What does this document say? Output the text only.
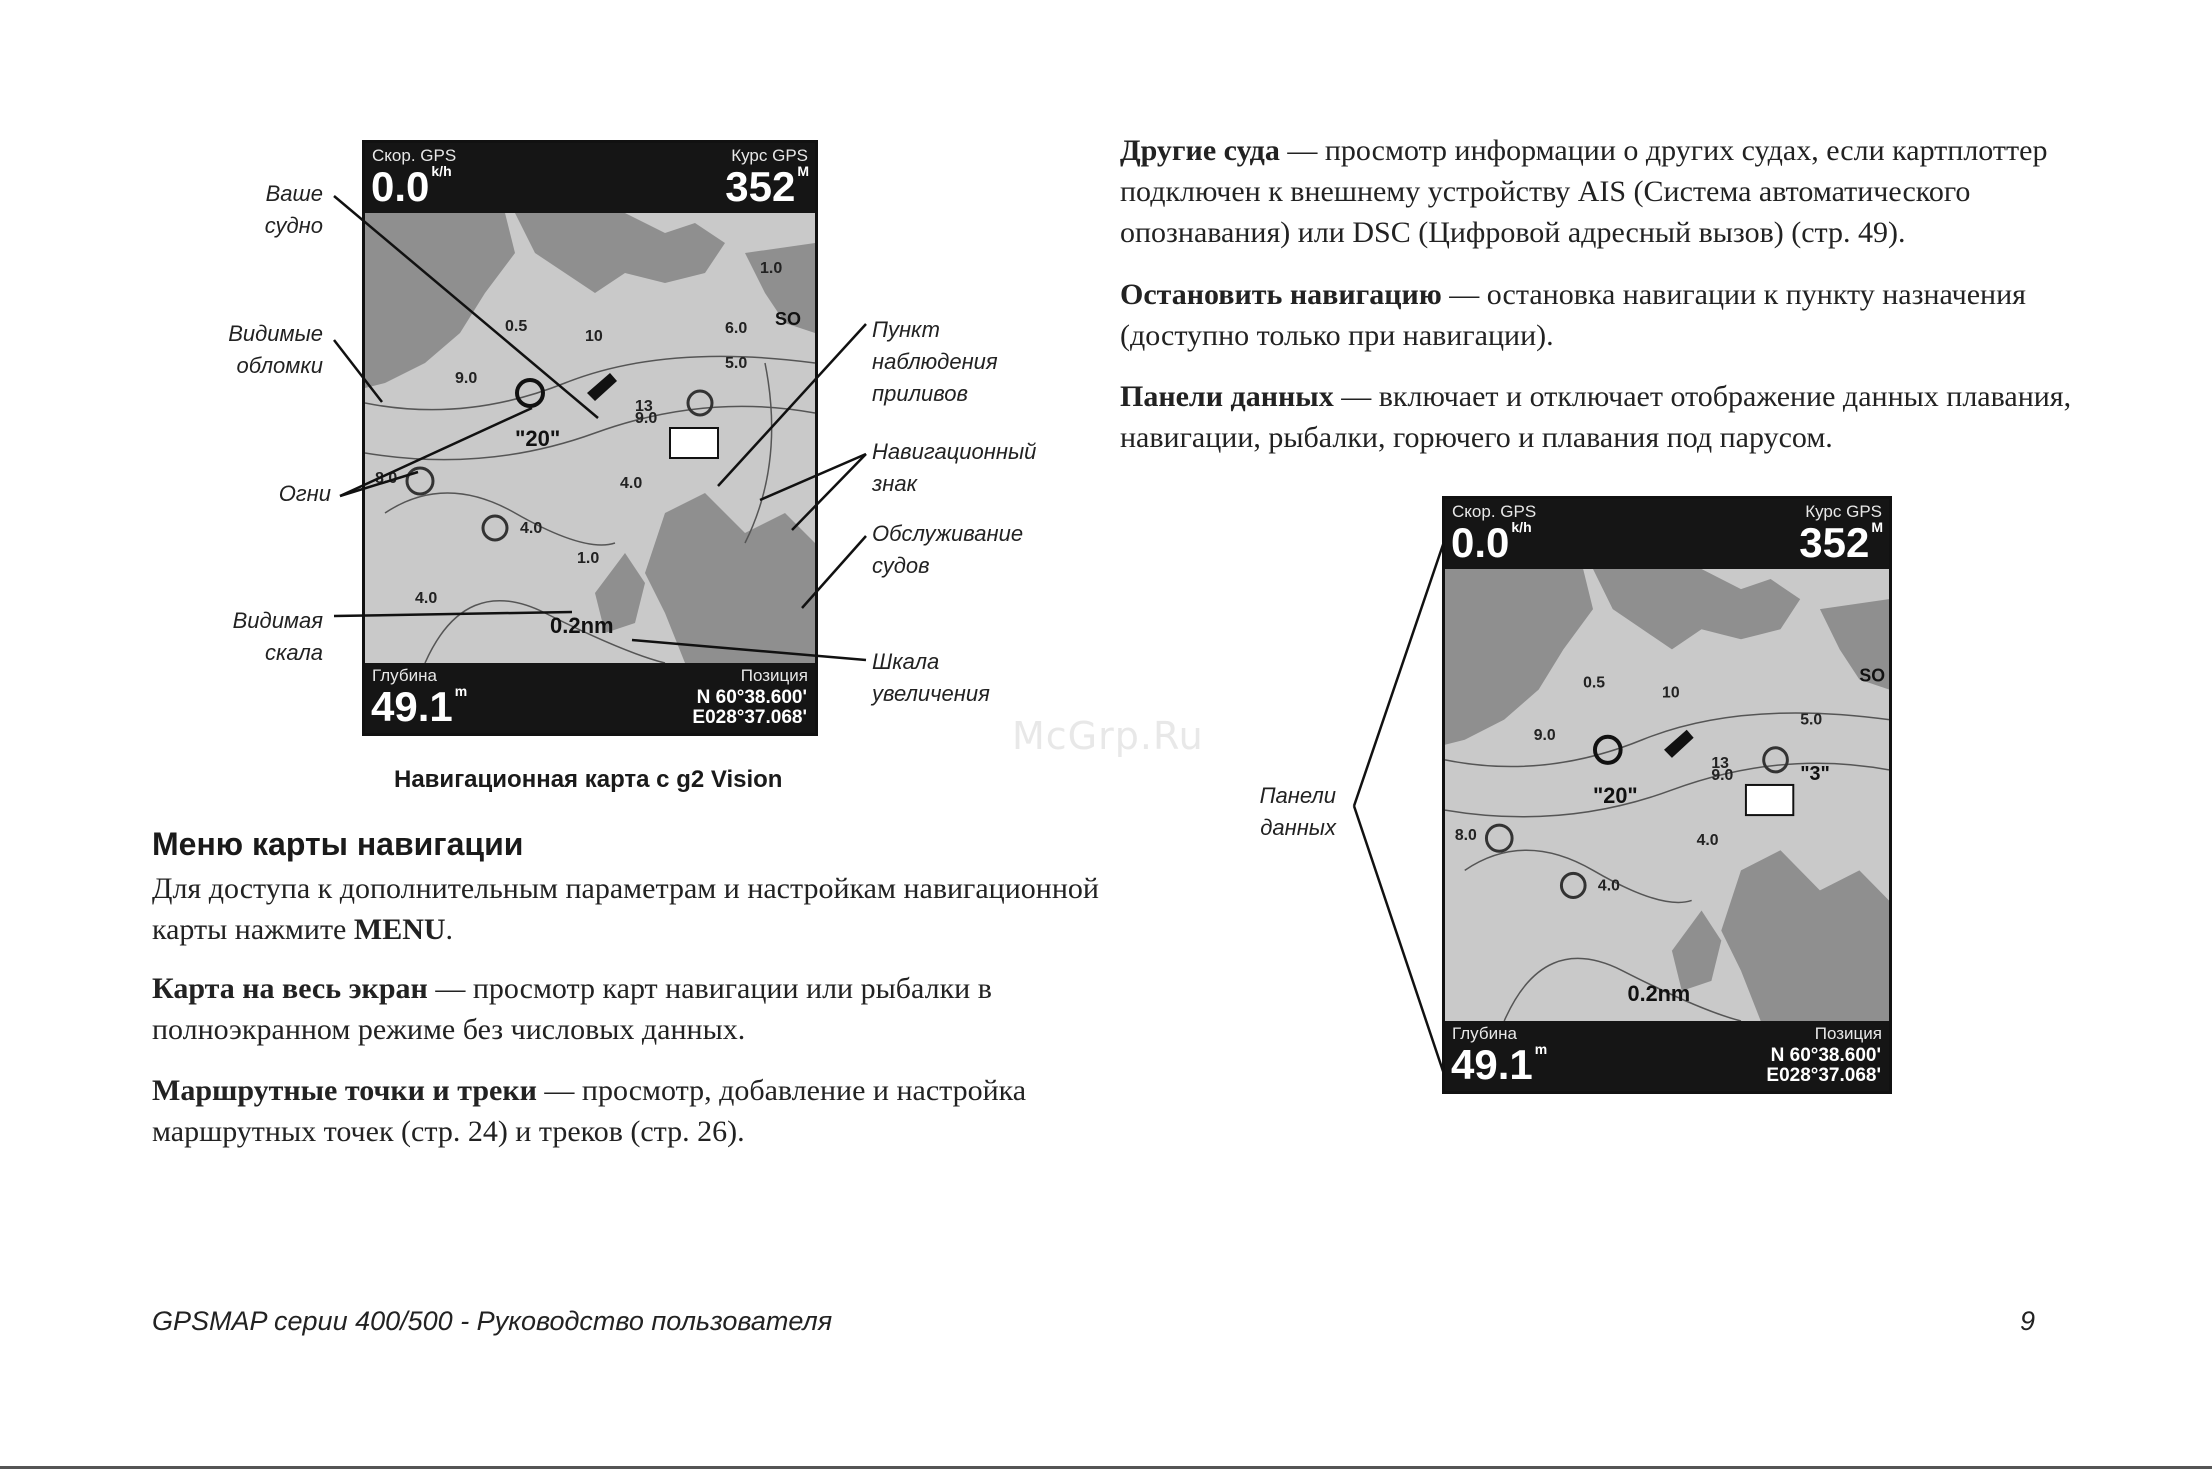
Скор. GPS
0.0 $^{k/h}$
Курс GPS
352 $^M$
0.5
10
9.0
9.0
4.0
4.0
1.0
13
1.0
6.0
5.0
8.0
4.0
"20"
SO
0.2nm
Глубина
49.1 $^m$
Позиция
N 60°38.600'
E028°37.068'
Ваше
судно
Видимые
обломки
Огни
Видимая
скала
Пункт
наблюдения
приливов
Навигационный
знак
Обслуживание
судов
Шкала
увеличения
Навигационная карта с g2 Vision
Меню карты навигации
Для доступа к дополнительным параметрам и настройкам навигационной
карты нажмите MENU.
Карта на весь экран — просмотр карт навигации или рыбалки в
полноэкранном режиме без числовых данных.
Маршрутные точки и треки — просмотр, добавление и настройка
маршрутных точек (стр. 24) и треков (стр. 26).
Другие суда — просмотр информации о других судах, если картплоттер
подключен к внешнему устройству AIS (Система автоматического
опознавания) или DSC (Цифровой адресный вызов) (стр. 49).
Остановить навигацию — остановка навигации к пункту назначения
(доступно только при навигации).
Панели данных — включает и отключает отображение данных плавания,
навигации, рыбалки, горючего и плавания под парусом.
Скор. GPS
0.0 $^{k/h}$
Курс GPS
352 $^M$
0.5
10
9.0
9.0
4.0
4.0
13
5.0
8.0
"20"
"3"
SO
0.2nm
Глубина
49.1 $^m$
Позиция
N 60°38.600'
E028°37.068'
Панели
данных
McGrp.Ru
GPSMAP серии 400/500 - Руководство пользователя	9
